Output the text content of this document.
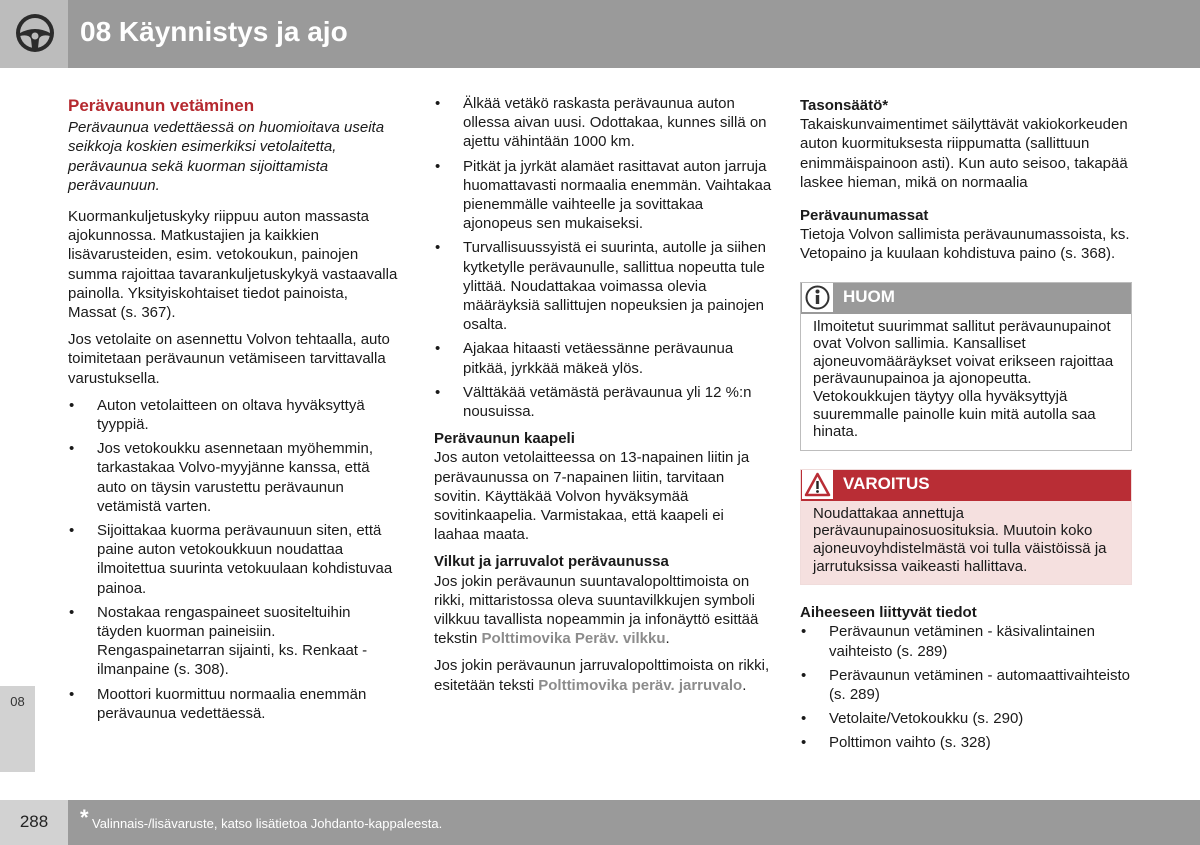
08 Käynnistys ja ajo
Perävaunun vetäminen
Perävaunua vedettäessä on huomioitava useita seikkoja koskien esimerkiksi vetolaitetta, perävaunua sekä kuorman sijoittamista perävaunuun.
Kuormankuljetuskyky riippuu auton massasta ajokunnossa. Matkustajien ja kaikkien lisävarusteiden, esim. vetokoukun, painojen summa rajoittaa tavarankuljetuskykyä vastaavalla painolla. Yksityiskohtaiset tiedot painoista, Massat (s. 367).
Jos vetolaite on asennettu Volvon tehtaalla, auto toimitetaan perävaunun vetämiseen tarvittavalla varustuksella.
• Auton vetolaitteen on oltava hyväksyttyä tyyppiä.
• Jos vetokoukku asennetaan myöhemmin, tarkastakaa Volvo-myyjänne kanssa, että auto on täysin varustettu perävaunun vetämistä varten.
• Sijoittakaa kuorma perävaunuun siten, että paine auton vetokoukkuun noudattaa ilmoitettua suurinta vetokuulaan kohdistuvaa painoa.
• Nostakaa rengaspaineet suositeltuihin täyden kuorman paineisiin. Rengaspainetarran sijainti, ks. Renkaat - ilmanpaine (s. 308).
• Moottori kuormittuu normaalia enemmän perävaunua vedettäessä.
• Älkää vetäkö raskasta perävaunua auton ollessa aivan uusi. Odottakaa, kunnes sillä on ajettu vähintään 1000 km.
• Pitkät ja jyrkät alamäet rasittavat auton jarruja huomattavasti normaalia enemmän. Vaihtakaa pienemmälle vaihteelle ja sovittakaa ajonopeus sen mukaiseksi.
• Turvallisuussyistä ei suurinta, autolle ja siihen kytketylle perävaunulle, sallittua nopeutta tule ylittää. Noudattakaa voimassa olevia määräyksiä sallittujen nopeuksien ja painojen osalta.
• Ajakaa hitaasti vetäessänne perävaunua pitkää, jyrkkää mäkeä ylös.
• Välttäkää vetämästä perävaunua yli 12 %:n nousuissa.
Perävaunun kaapeli
Jos auton vetolaitteessa on 13-napainen liitin ja perävaunussa on 7-napainen liitin, tarvitaan sovitin. Käyttäkää Volvon hyväksymää sovitinkaapelia. Varmistakaa, että kaapeli ei laahaa maata.
Vilkut ja jarruvalot perävaunussa
Jos jokin perävaunun suuntavalopolttimoista on rikki, mittaristossa oleva suuntavilkkujen symboli vilkkuu tavallista nopeammin ja infonäyttö esittää tekstin Polttimovika Peräv. vilkku.
Jos jokin perävaunun jarruvalopolttimoista on rikki, esitetään teksti Polttimovika peräv. jarruvalo.
Tasonsäätö*
Takaiskunvaimentimet säilyttävät vakiokorkeuden auton kuormituksesta riippumatta (sallittuun enimmäispainoon asti). Kun auto seisoo, takapää laskee hieman, mikä on normaalia
Perävaunumassat
Tietoja Volvon sallimista perävaunumassoista, ks. Vetopaino ja kuulaan kohdistuva paino (s. 368).
HUOM
Ilmoitetut suurimmat sallitut perävaunupainot ovat Volvon sallimia. Kansalliset ajoneuvomääräykset voivat erikseen rajoittaa perävaunupainoa ja ajonopeutta. Vetokoukkujen täytyy olla hyväksyttyjä suuremmalle painolle kuin mitä autolla saa hinata.
VAROITUS
Noudattakaa annettuja perävaunupainosuosituksia. Muutoin koko ajoneuvoyhdistelmästä voi tulla väistöissä ja jarrutuksissa vaikeasti hallittava.
Aiheeseen liittyvät tiedot
• Perävaunun vetäminen - käsivalintainen vaihteisto (s. 289)
• Perävaunun vetäminen - automaattivaihteisto (s. 289)
• Vetolaite/Vetokoukku (s. 290)
• Polttimon vaihto (s. 328)
08
288	* Valinnais-/lisävaruste, katso lisätietoa Johdanto-kappaleesta.
